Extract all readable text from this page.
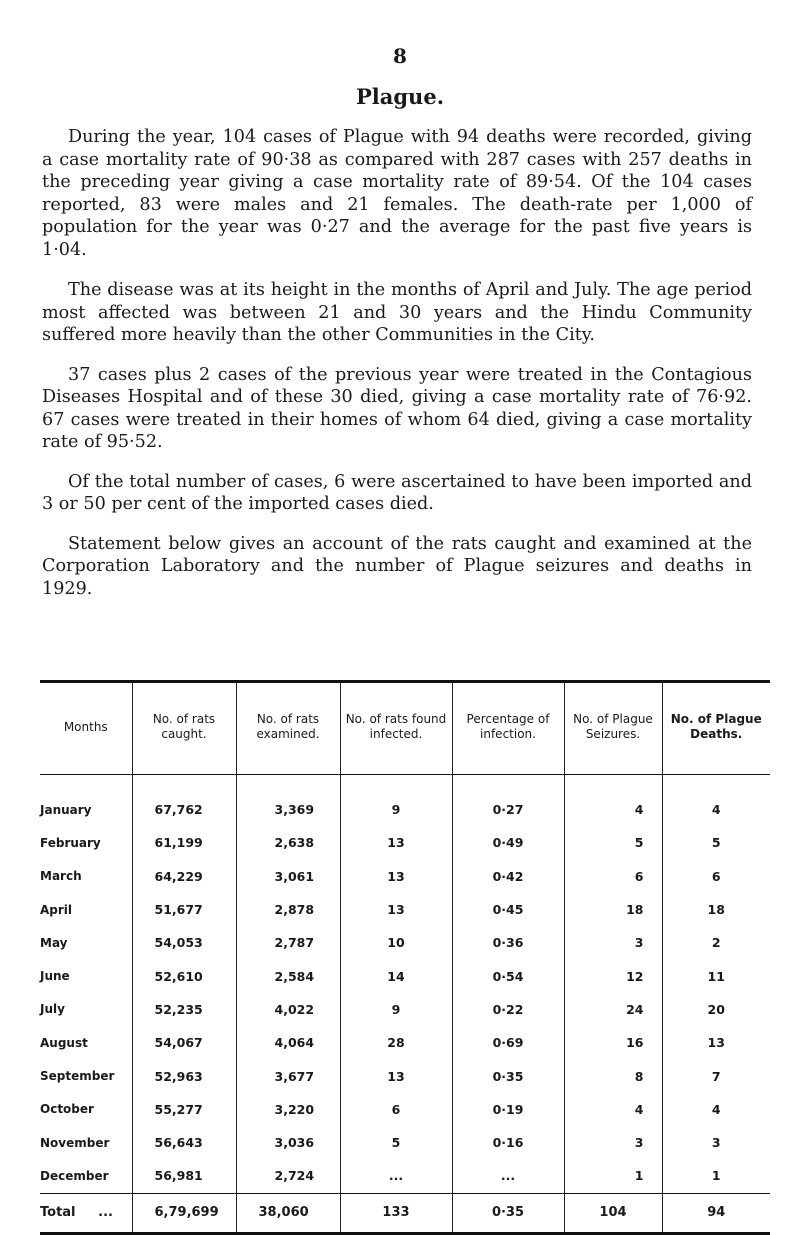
8
Plague.

During the year, 104 cases of Plague with 94 deaths were recorded, giving a case mortality rate of 90·38 as compared with 287 cases with 257 deaths in the preceding year giving a case mortality rate of 89·54. Of the 104 cases reported, 83 were males and 21 females. The death-rate per 1,000 of population for the year was 0·27 and the average for the past five years is 1·04.

The disease was at its height in the months of April and July. The age period most affected was between 21 and 30 years and the Hindu Community suffered more heavily than the other Communities in the City.

37 cases plus 2 cases of the previous year were treated in the Contagious Diseases Hospital and of these 30 died, giving a case mortality rate of 76·92. 67 cases were treated in their homes of whom 64 died, giving a case mortality rate of 95·52.

Of the total number of cases, 6 were ascertained to have been imported and 3 or 50 per cent of the imported cases died.

Statement below gives an account of the rats caught and examined at the Corporation Laboratory and the number of Plague seizures and deaths in 1929.

Months	No. of rats caught.	No. of rats examined.	No. of rats found infected.	Percentage of infection.	No. of Plague Seizures.	No. of Plague Deaths.
January	67,762	3,369	9	0·27	4	4
February	61,199	2,638	13	0·49	5	5
March	64,229	3,061	13	0·42	6	6
April	51,677	2,878	13	0·45	18	18
May	54,053	2,787	10	0·36	3	2
June	52,610	2,584	14	0·54	12	11
July	52,235	4,022	9	0·22	24	20
August	54,067	4,064	28	0·69	16	13
September	52,963	3,677	13	0·35	8	7
October	55,277	3,220	6	0·19	4	4
November	56,643	3,036	5	0·16	3	3
December	56,981	2,724	...	...	1	1
Total ...	6,79,699	38,060	133	0·35	104	94
